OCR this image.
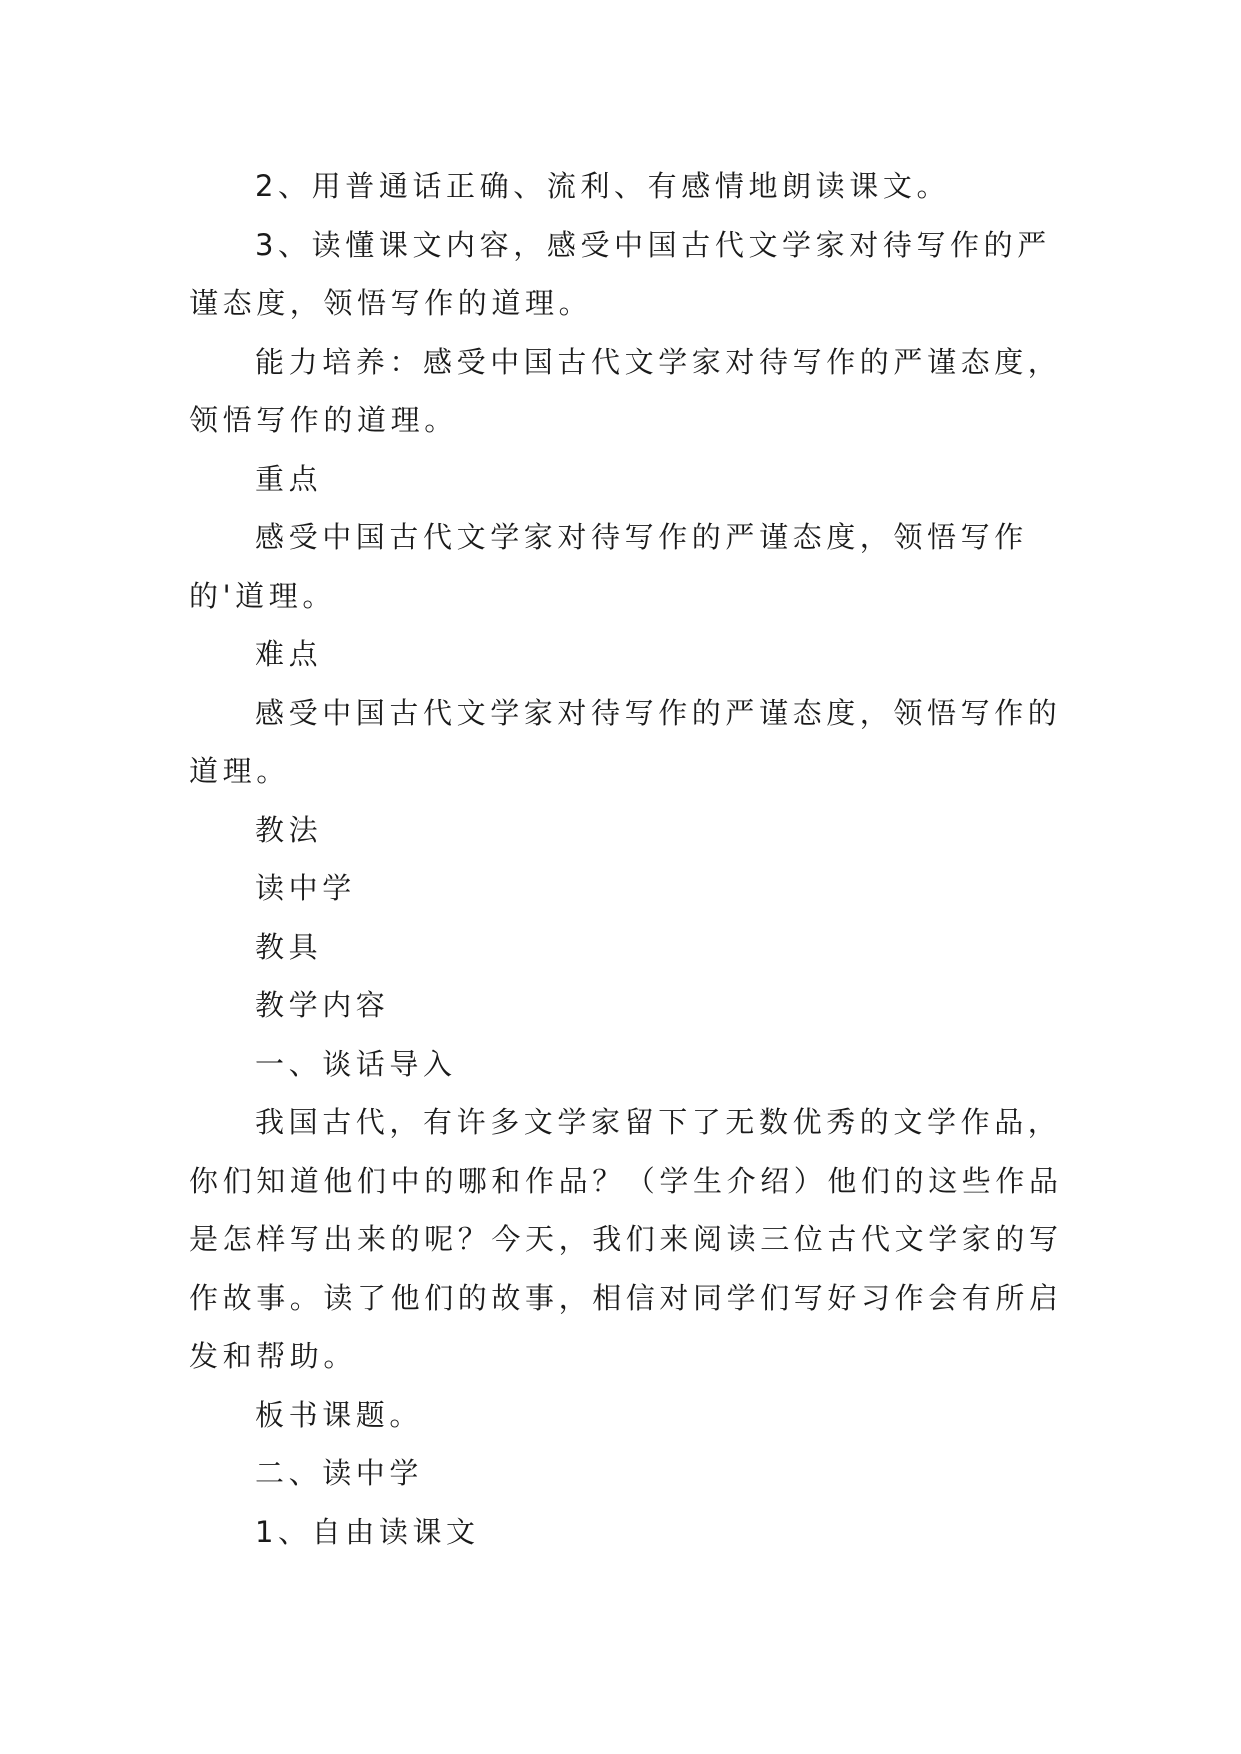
2、用普通话正确、流利、有感情地朗读课文。

3、读懂课文内容，感受中国古代文学家对待写作的严谨态度，领悟写作的道理。

能力培养：感受中国古代文学家对待写作的严谨态度，领悟写作的道理。

重点

感受中国古代文学家对待写作的严谨态度，领悟写作的'道理。

难点

感受中国古代文学家对待写作的严谨态度，领悟写作的道理。

教法

读中学

教具

教学内容

一、谈话导入

我国古代，有许多文学家留下了无数优秀的文学作品，你们知道他们中的哪和作品？（学生介绍）他们的这些作品是怎样写出来的呢？今天，我们来阅读三位古代文学家的写作故事。读了他们的故事，相信对同学们写好习作会有所启发和帮助。

板书课题。

二、读中学

1、自由读课文
